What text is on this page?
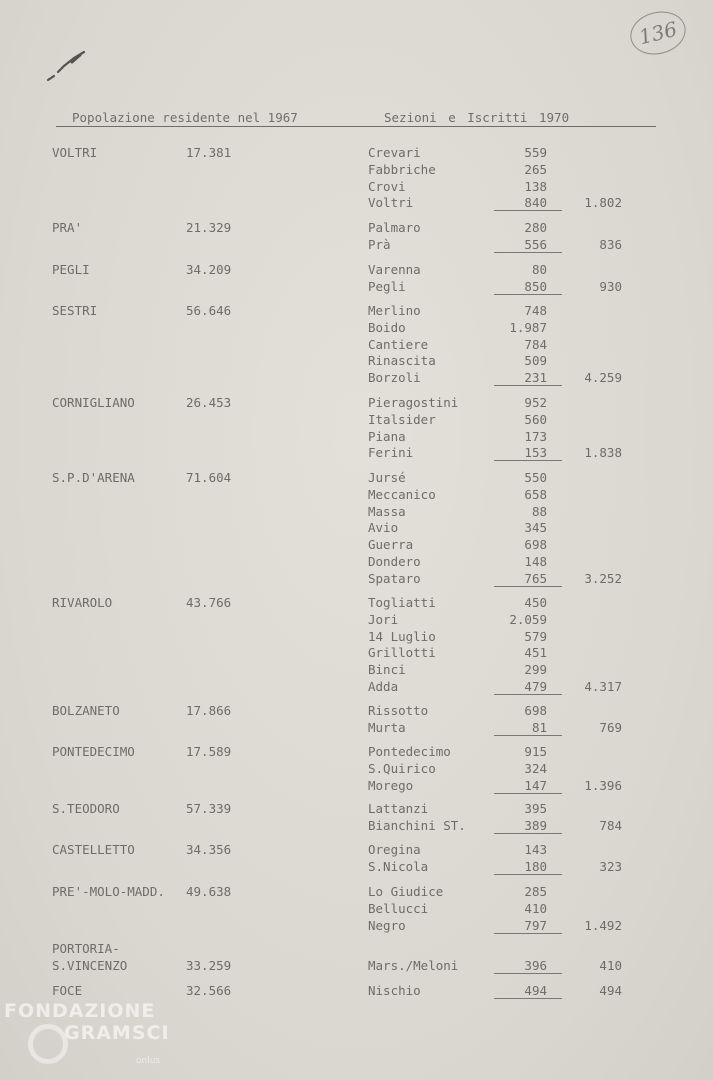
136
Popolazione residente nel 1967	Sezioni e Iscritti 1970
VOLTRI	17.381	Crevari	559
Fabbriche	265
Crovi	138
Voltri	840	1.802
PRA'	21.329	Palmaro	280
Prà	556	836
PEGLI	34.209	Varenna	80
Pegli	850	930
SESTRI	56.646	Merlino	748
Boido	1.987
Cantiere	784
Rinascita	509
Borzoli	231	4.259
CORNIGLIANO	26.453	Pieragostini	952
Italsider	560
Piana	173
Ferini	153	1.838
S.P.D'ARENA	71.604	Jursé	550
Meccanico	658
Massa	88
Avio	345
Guerra	698
Dondero	148
Spataro	765	3.252
RIVAROLO	43.766	Togliatti	450
Jori	2.059
14 Luglio	579
Grillotti	451
Binci	299
Adda	479	4.317
BOLZANETO	17.866	Rissotto	698
Murta	81	769
PONTEDECIMO	17.589	Pontedecimo	915
S.Quirico	324
Morego	147	1.396
S.TEODORO	57.339	Lattanzi	395
Bianchini ST.	389	784
CASTELLETTO	34.356	Oregina	143
S.Nicola	180	323
PRE'-MOLO-MADD. 49.638	Lo Giudice	285
Bellucci	410
Negro	797	1.492
PORTORIA-
S.VINCENZO	33.259	Mars./Meloni	396	410
FOCE	32.566	Nischio	494	494
FONDAZIONE
GRAMSCI
onlus
